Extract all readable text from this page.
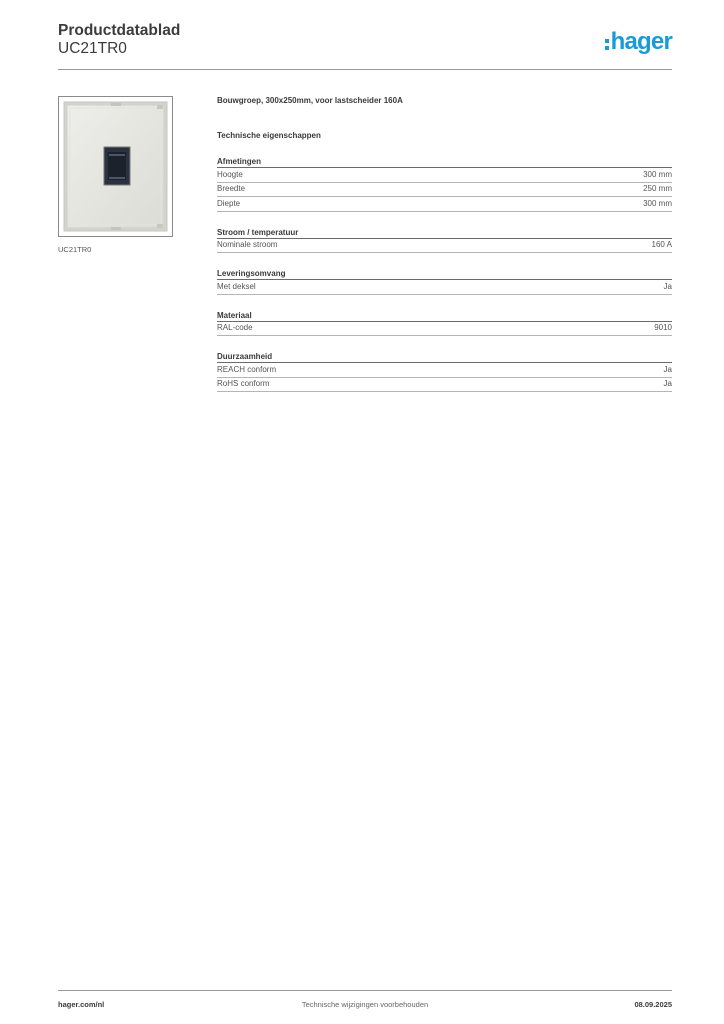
Productdatablad
UC21TR0	hager
UC21TR0
Bouwgroep, 300x250mm, voor lastscheider 160A
Technische eigenschappen
Afmetingen
Hoogte	300 mm
Breedte	250 mm
Diepte	300 mm
Stroom / temperatuur
Nominale stroom	160 A
Leveringsomvang
Met deksel	Ja
Materiaal
RAL-code	9010
Duurzaamheid
REACH conform	Ja
RoHS conform	Ja
hager.com/nl	Technische wijzigingen voorbehouden	08.09.2025
